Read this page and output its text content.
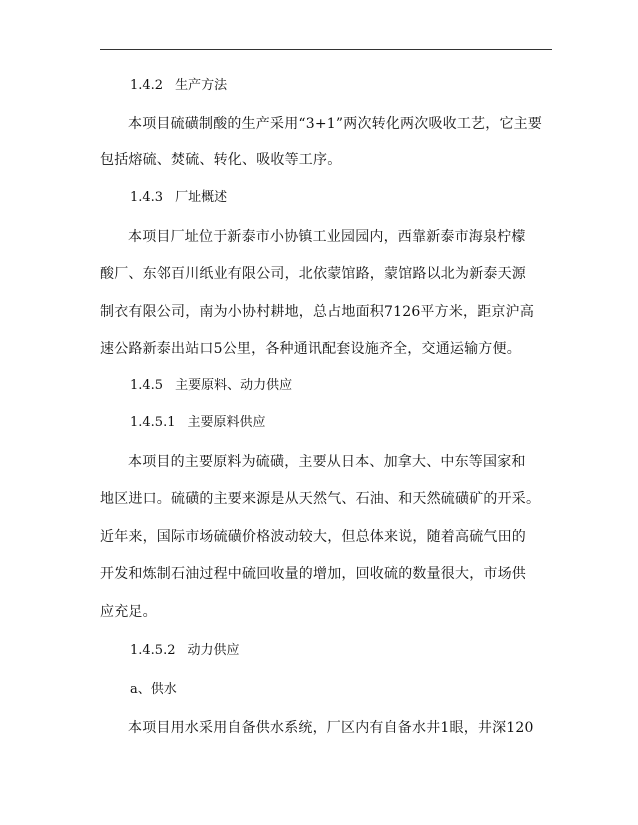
1.4.2 生产方法
本项目硫磺制酸的生产采用“3+1”两次转化两次吸收工艺，它主要
包括熔硫、焚硫、转化、吸收等工序。
1.4.3 厂址概述
本项目厂址位于新泰市小协镇工业园园内，西靠新泰市海泉柠檬
酸厂、东邻百川纸业有限公司，北依蒙馆路，蒙馆路以北为新泰天源
制衣有限公司，南为小协村耕地，总占地面积7126平方米，距京沪高
速公路新泰出站口5公里，各种通讯配套设施齐全，交通运输方便。
1.4.5 主要原料、动力供应
1.4.5.1 主要原料供应
本项目的主要原料为硫磺，主要从日本、加拿大、中东等国家和
地区进口。硫磺的主要来源是从天然气、石油、和天然硫磺矿的开采。
近年来，国际市场硫磺价格波动较大，但总体来说，随着高硫气田的
开发和炼制石油过程中硫回收量的增加，回收硫的数量很大，市场供
应充足。
1.4.5.2 动力供应
a、供水
本项目用水采用自备供水系统，厂区内有自备水井1眼，井深120
